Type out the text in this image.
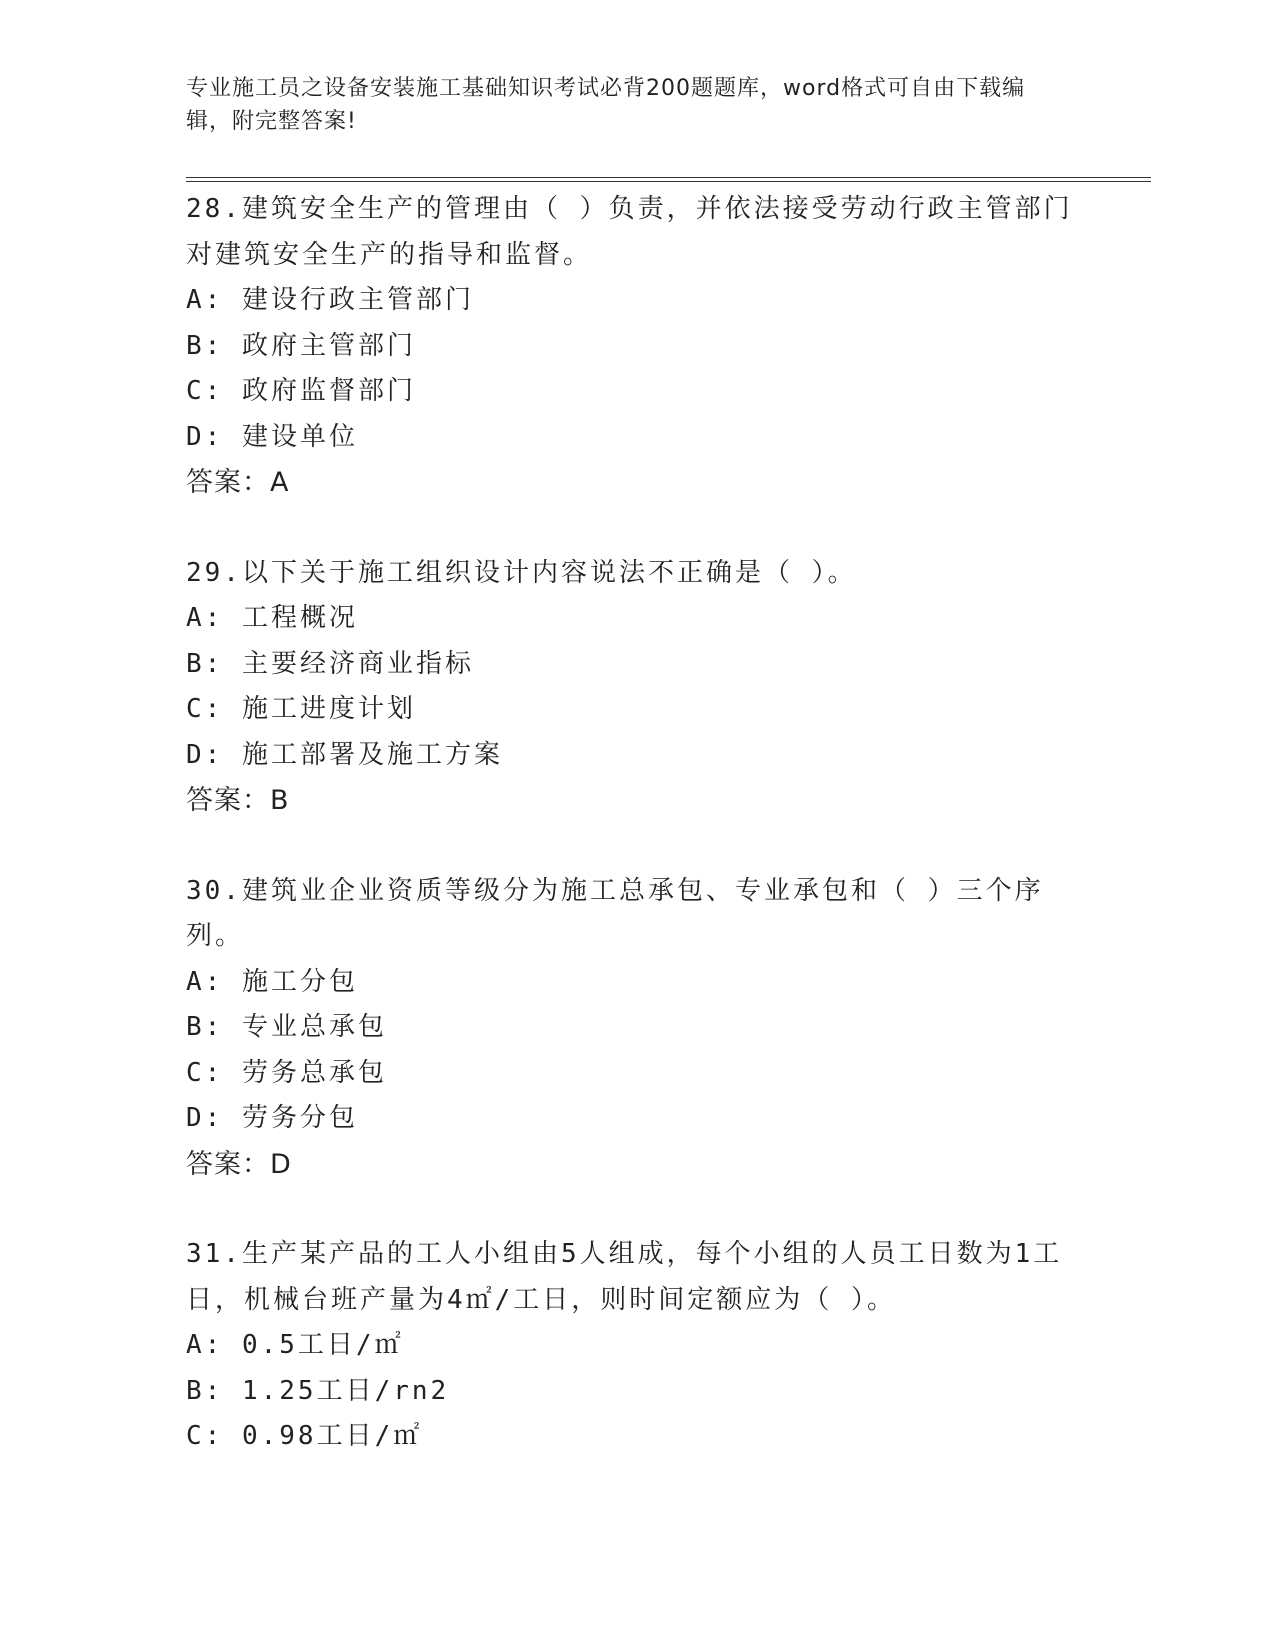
专业施工员之设备安装施工基础知识考试必背200题题库，word格式可自由下载编辑，附完整答案!

28.建筑安全生产的管理由（ ）负责，并依法接受劳动行政主管部门对建筑安全生产的指导和监督。

A: 建设行政主管部门

B: 政府主管部门

C: 政府监督部门

D: 建设单位

答案：A

29.以下关于施工组织设计内容说法不正确是（ ）。

A: 工程概况

B: 主要经济商业指标

C: 施工进度计划

D: 施工部署及施工方案

答案：B

30.建筑业企业资质等级分为施工总承包、专业承包和（ ）三个序列。

A: 施工分包

B: 专业总承包

C: 劳务总承包

D: 劳务分包

答案：D

31.生产某产品的工人小组由5人组成，每个小组的人员工日数为1工日，机械台班产量为4㎡/工日，则时间定额应为（ ）。

A: 0.5工日/㎡

B: 1.25工日/rn2

C: 0.98工日/㎡
